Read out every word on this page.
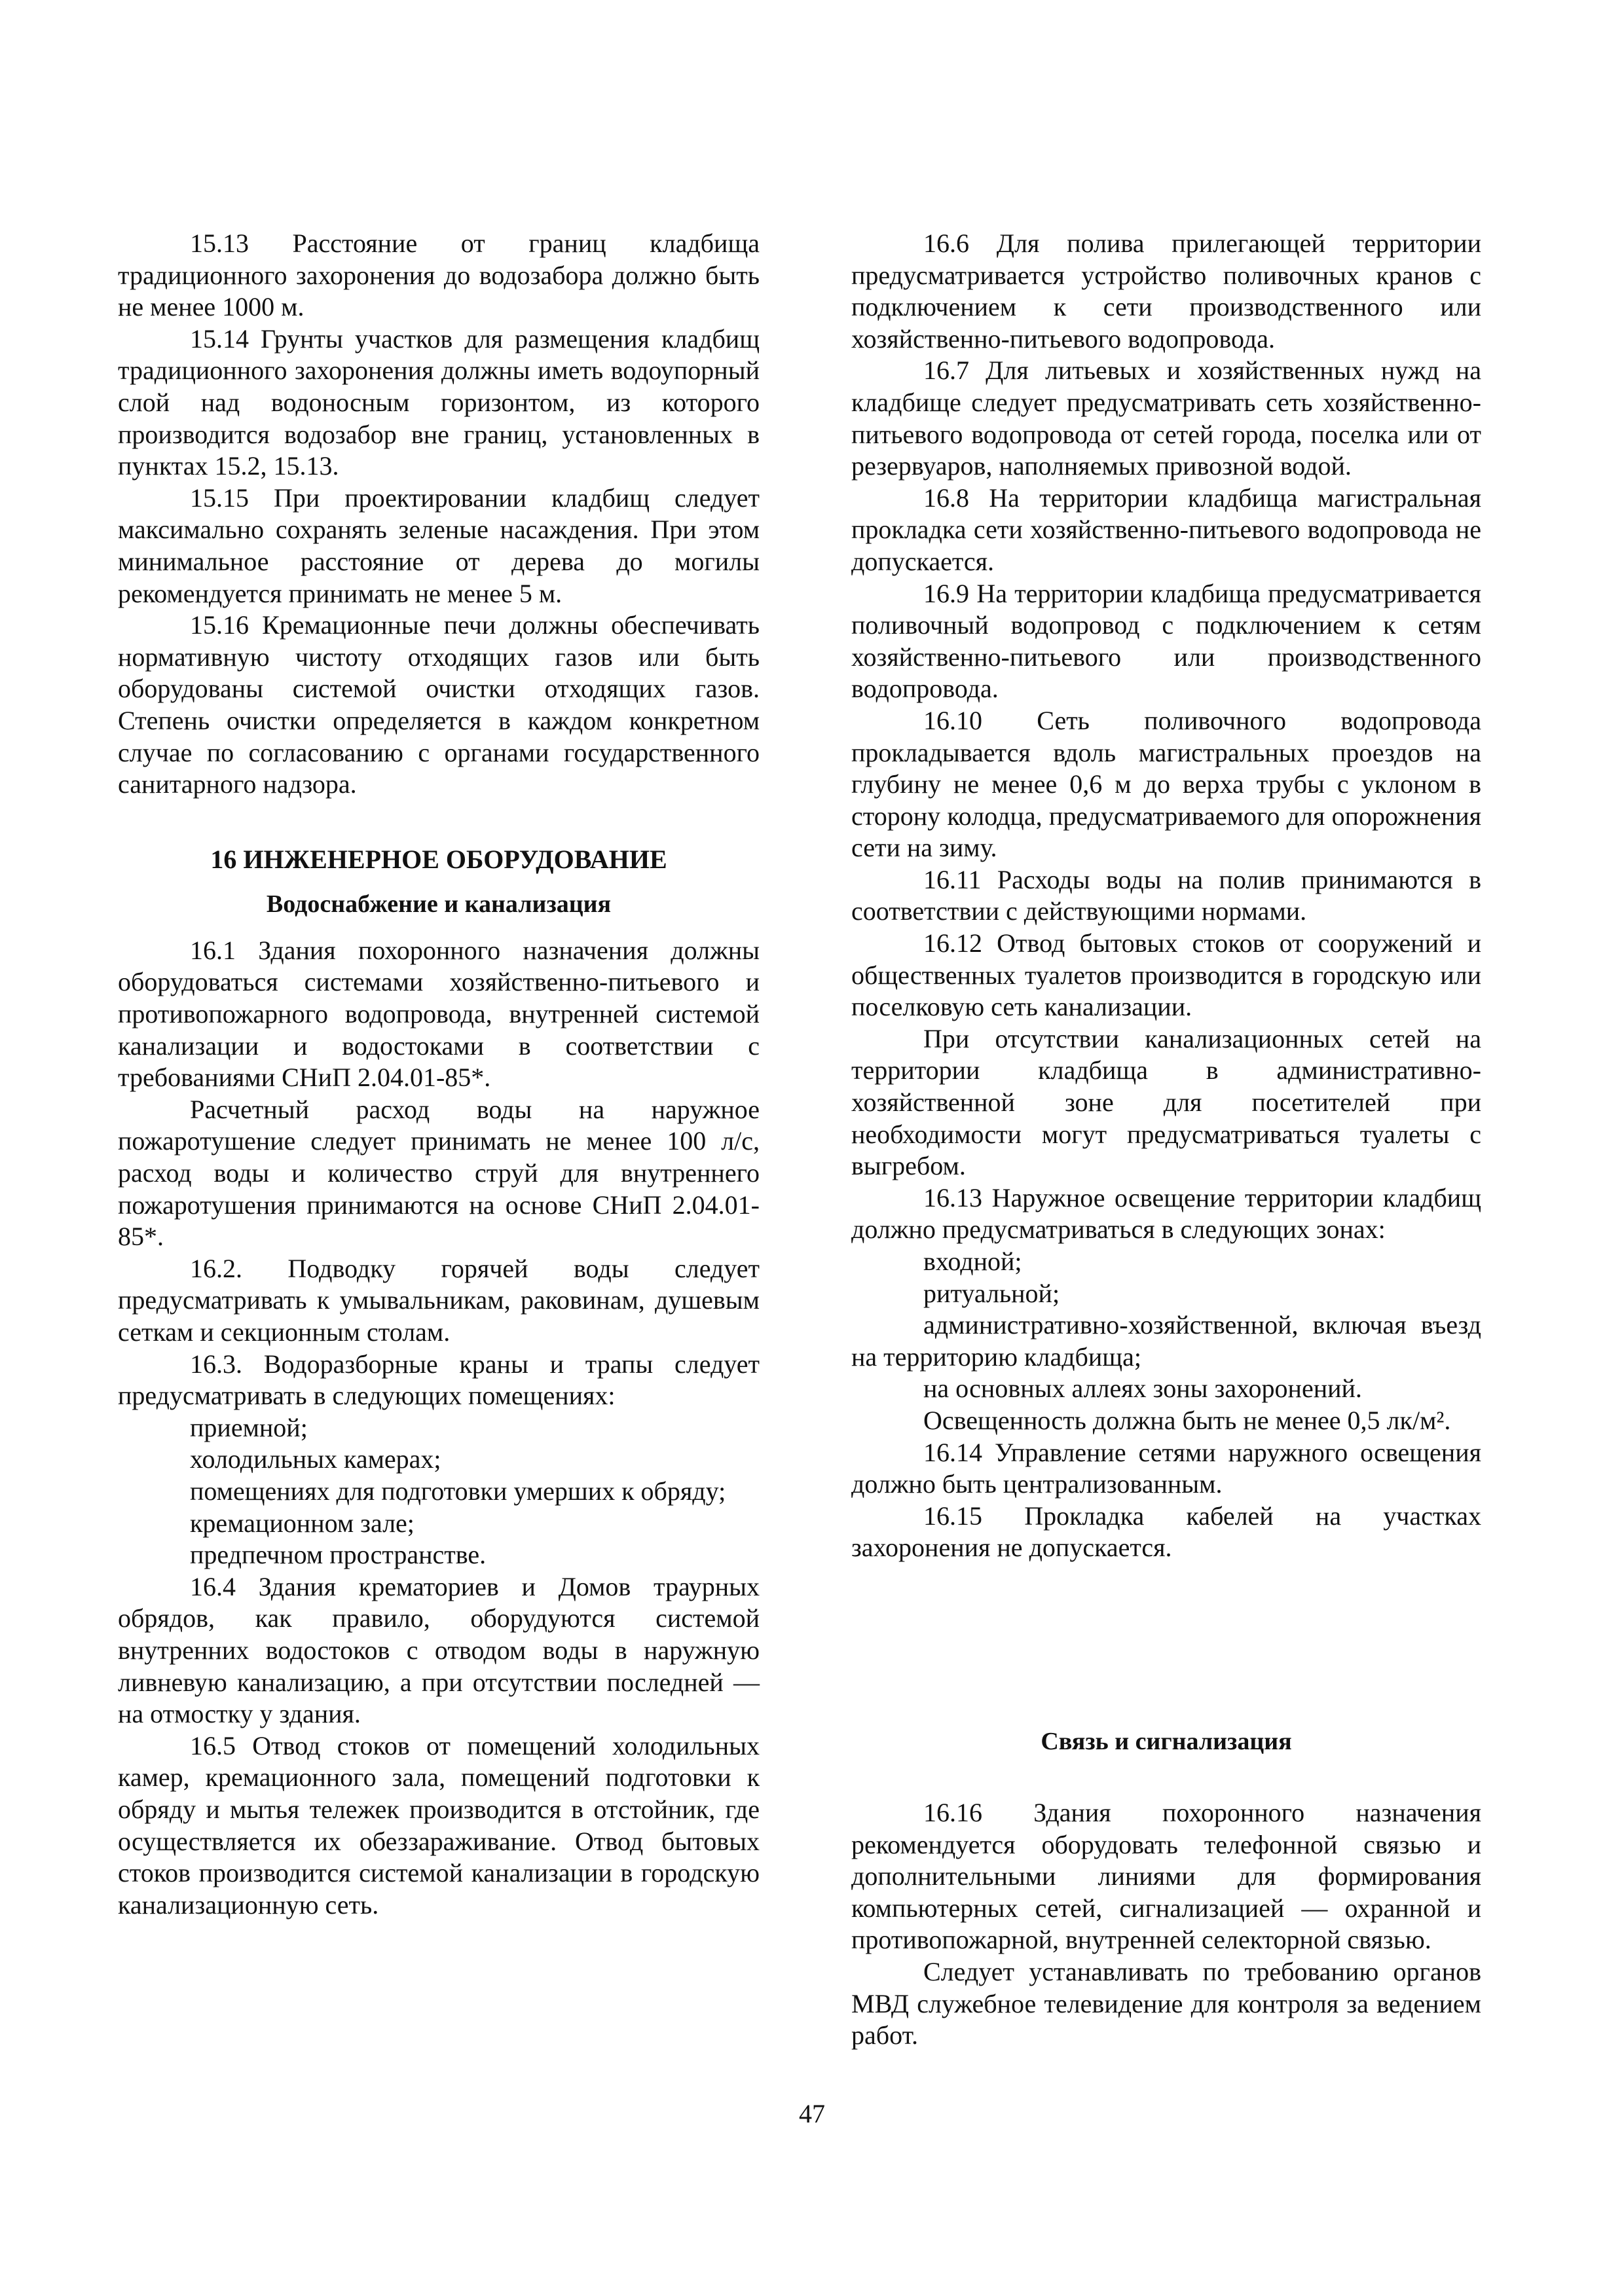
15.13 Расстояние от границ кладбища традиционного захоронения до водозабора должно быть не менее 1000 м.

15.14 Грунты участков для размещения кладбищ традиционного захоронения должны иметь водоупорный слой над водоносным горизонтом, из которого производится водозабор вне границ, установленных в пунктах 15.2, 15.13.

15.15 При проектировании кладбищ следует максимально сохранять зеленые насаждения. При этом минимальное расстояние от дерева до могилы рекомендуется принимать не менее 5 м.

15.16 Кремационные печи должны обеспечивать нормативную чистоту отходящих газов или быть оборудованы системой очистки отходящих газов. Степень очистки определяется в каждом конкретном случае по согласованию с органами государственного санитарного надзора.

16 ИНЖЕНЕРНОЕ ОБОРУДОВАНИЕ
Водоснабжение и канализация

16.1 Здания похоронного назначения должны оборудоваться системами хозяйственно-питьевого и противопожарного водопровода, внутренней системой канализации и водостоками в соответствии с требованиями СНиП 2.04.01-85*.

Расчетный расход воды на наружное пожаротушение следует принимать не менее 100 л/с, расход воды и количество струй для внутреннего пожаротушения принимаются на основе СНиП 2.04.01-85*.

16.2. Подводку горячей воды следует предусматривать к умывальникам, раковинам, душевым сеткам и секционным столам.

16.3. Водоразборные краны и трапы следует предусматривать в следующих помещениях:

приемной;

холодильных камерах;

помещениях для подготовки умерших к обряду;

кремационном зале;

предпечном пространстве.

16.4 Здания крематориев и Домов траурных обрядов, как правило, оборудуются системой внутренних водостоков с отводом воды в наружную ливневую канализацию, а при отсутствии последней — на отмостку у здания.

16.5 Отвод стоков от помещений холодильных камер, кремационного зала, помещений подготовки к обряду и мытья тележек производится в отстойник, где осуществляется их обеззараживание. Отвод бытовых стоков производится системой канализации в городскую канализационную сеть.

16.6 Для полива прилегающей территории предусматривается устройство поливочных кранов с подключением к сети производственного или хозяйственно-питьевого водопровода.

16.7 Для литьевых и хозяйственных нужд на кладбище следует предусматривать сеть хозяйственно-питьевого водопровода от сетей города, поселка или от резервуаров, наполняемых привозной водой.

16.8 На территории кладбища магистральная прокладка сети хозяйственно-питьевого водопровода не допускается.

16.9 На территории кладбища предусматривается поливочный водопровод с подключением к сетям хозяйственно-питьевого или производственного водопровода.

16.10 Сеть поливочного водопровода прокладывается вдоль магистральных проездов на глубину не менее 0,6 м до верха трубы с уклоном в сторону колодца, предусматриваемого для опорожнения сети на зиму.

16.11 Расходы воды на полив принимаются в соответствии с действующими нормами.

16.12 Отвод бытовых стоков от сооружений и общественных туалетов производится в городскую или поселковую сеть канализации.

При отсутствии канализационных сетей на территории кладбища в административно-хозяйственной зоне для посетителей при необходимости могут предусматриваться туалеты с выгребом.

16.13 Наружное освещение территории кладбищ должно предусматриваться в следующих зонах:

входной;

ритуальной;

административно-хозяйственной, включая въезд на территорию кладбища;

на основных аллеях зоны захоронений.

Освещенность должна быть не менее 0,5 лк/м².

16.14 Управление сетями наружного освещения должно быть централизованным.

16.15 Прокладка кабелей на участках захоронения не допускается.

Связь и сигнализация

16.16 Здания похоронного назначения рекомендуется оборудовать телефонной связью и дополнительными линиями для формирования компьютерных сетей, сигнализацией — охранной и противопожарной, внутренней селекторной связью.

Следует устанавливать по требованию органов МВД служебное телевидение для контроля за ведением работ.

47
